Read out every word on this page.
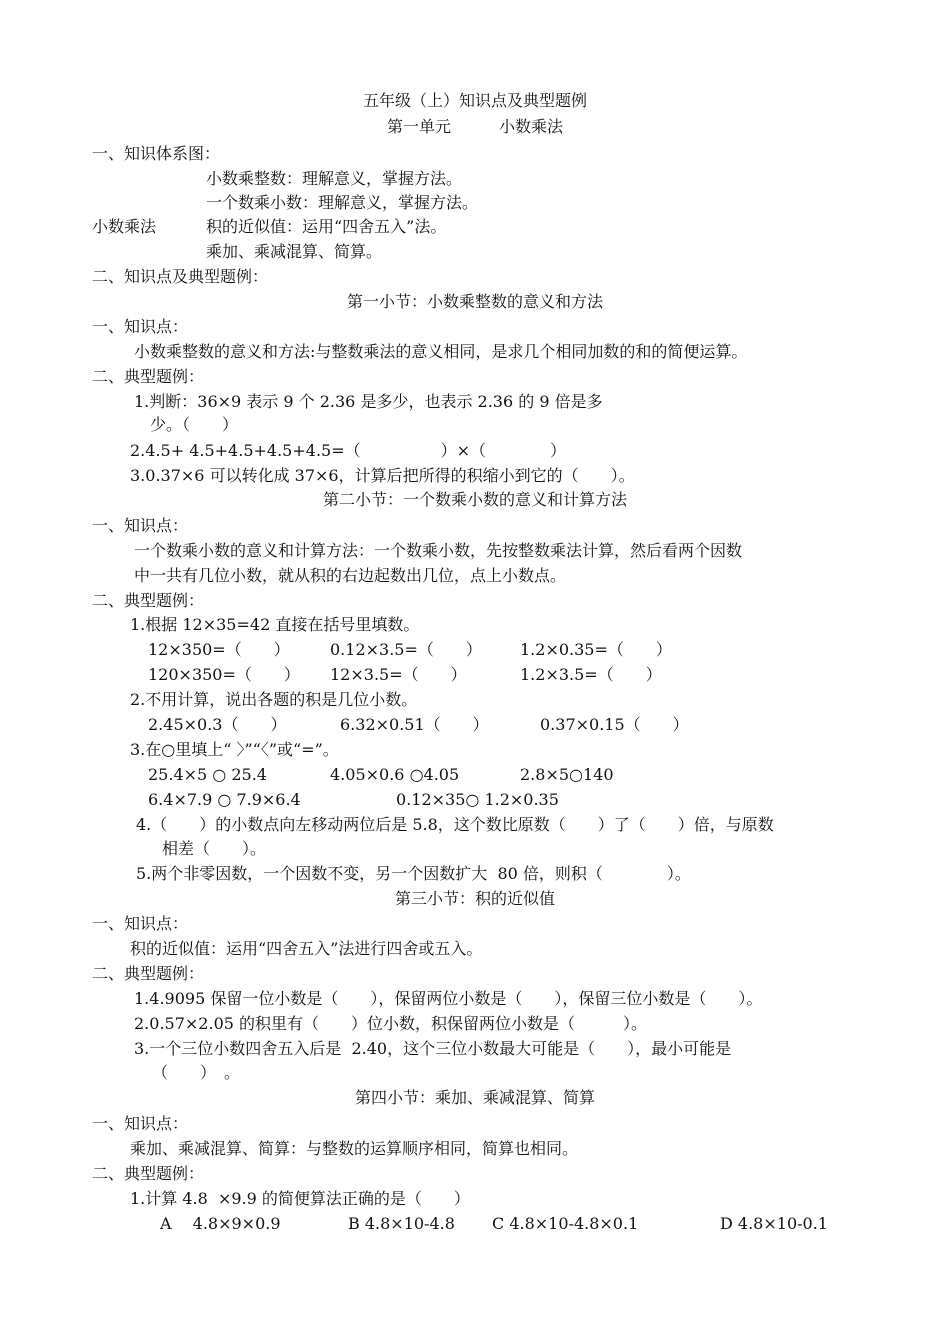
五年级（上）知识点及典型题例
第一单元　　　小数乘法
一、知识体系图：
小数乘整数：理解意义，掌握方法。
一个数乘小数：理解意义，掌握方法。
小数乘法	积的近似值：运用“四舍五入”法。
乘加、乘减混算、简算。
二、知识点及典型题例：
第一小节：小数乘整数的意义和方法
一、知识点：
小数乘整数的意义和方法:与整数乘法的意义相同，是求几个相同加数的和的简便运算。
二、典型题例：
1.判断：36×9 表示 9 个 2.36 是多少，也表示 2.36 的 9 倍是多
少。（　　）
2.4.5+ 4.5+4.5+4.5+4.5=（　　　　　）×（　　　　）
3.0.37×6 可以转化成 37×6，计算后把所得的积缩小到它的（　　）。
第二小节：一个数乘小数的意义和计算方法
一、知识点：
一个数乘小数的意义和计算方法：一个数乘小数，先按整数乘法计算，然后看两个因数
中一共有几位小数，就从积的右边起数出几位，点上小数点。
二、典型题例：
1.根据 12×35=42 直接在括号里填数。
12×350=（　　）	0.12×3.5=（　　） 1.2×0.35=（　　）
120×350=（　　） 12×3.5=（　　）	1.2×3.5=（　　）
2.不用计算，说出各题的积是几位小数。
2.45×0.3（　　）	6.32×0.51（　　）	0.37×0.15（　　）
3.在○里填上“ 〉”“〈”或“=”。
25.4×5 ○ 25.4	4.05×0.6 ○4.05	2.8×5○140
6.4×7.9 ○ 7.9×6.4	0.12×35○ 1.2×0.35
4.（　　）的小数点向左移动两位后是 5.8，这个数比原数（　　）了（　　）倍，与原数
相差（　　）。
5.两个非零因数，一个因数不变，另一个因数扩大  80 倍，则积（　　　　）。
第三小节：积的近似值
一、知识点：
积的近似值：运用“四舍五入”法进行四舍或五入。
二、典型题例：
1.4.9095 保留一位小数是（　　），保留两位小数是（　　），保留三位小数是（　　）。
2.0.57×2.05 的积里有（　　）位小数，积保留两位小数是（　　　）。
3.一个三位小数四舍五入后是  2.40，这个三位小数最大可能是（　　），最小可能是
（　　）　。
第四小节：乘加、乘减混算、简算
一、知识点：
乘加、乘减混算、简算：与整数的运算顺序相同，简算也相同。
二、典型题例：
1.计算 4.8  ×9.9 的简便算法正确的是（　　）
A　 4.8×9×0.9	B 4.8×10-4.8 C 4.8×10-4.8×0.1	D 4.8×10-0.1
